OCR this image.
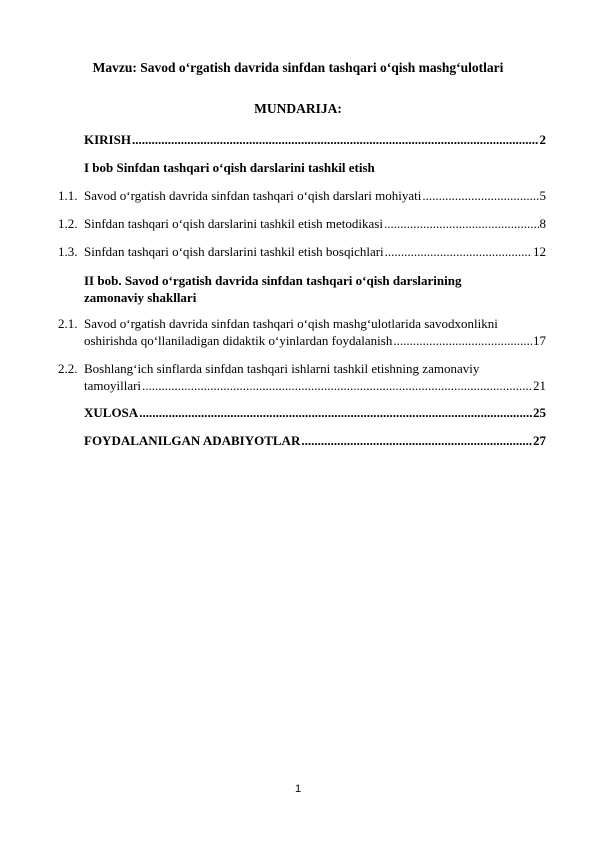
Mavzu: Savod o‘rgatish davrida sinfdan tashqari o‘qish mashg‘ulotlari
MUNDARIJA:
KIRISH .....	2
I bob Sinfdan tashqari o‘qish darslarini tashkil etish
1.1. Savod o‘rgatish davrida sinfdan tashqari o‘qish darslari mohiyati .....	5
1.2. Sinfdan tashqari o‘qish darslarini tashkil etish metodikasi .....	8
1.3. Sinfdan tashqari o‘qish darslarini tashkil etish bosqichlari .....	12
II bob. Savod o‘rgatish davrida sinfdan tashqari o‘qish darslarining
zamonaviy shakllari
2.1. Savod o‘rgatish davrida sinfdan tashqari o‘qish mashg‘ulotlarida savodxonlikni
oshirishda qo‘llaniladigan didaktik o‘yinlardan foydalanish .....	17
2.2. Boshlang‘ich sinflarda sinfdan tashqari ishlarni tashkil etishning zamonaviy
tamoyillari .....	21
XULOSA .....	25
FOYDALANILGAN ADABIYOTLAR .....	27
1
